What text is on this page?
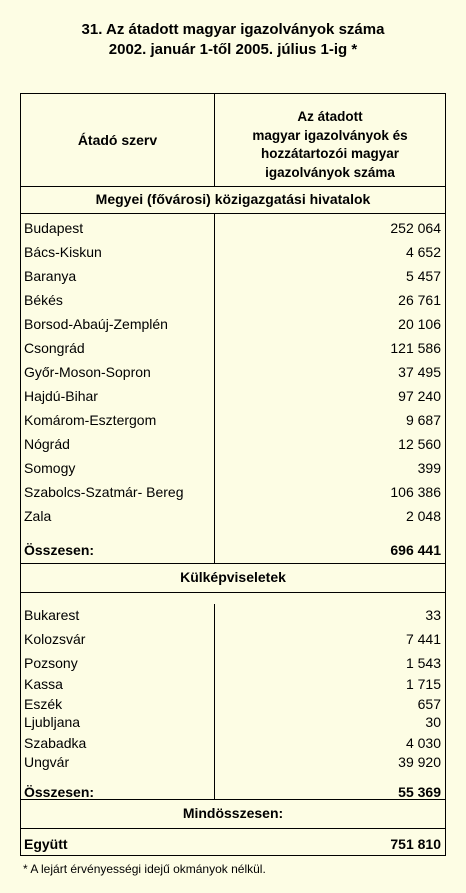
31. Az átadott magyar igazolványok száma
2002. január 1-től 2005. július 1-ig *
Átadó szerv
Az átadott
magyar igazolványok és
hozzátartozói magyar
igazolványok száma
Megyei (fővárosi) közigazgatási hivatalok
Budapest	252 064
Bács-Kiskun	4 652
Baranya	5 457
Békés	26 761
Borsod-Abaúj-Zemplén	20 106
Csongrád	121 586
Győr-Moson-Sopron	37 495
Hajdú-Bihar	97 240
Komárom-Esztergom	9 687
Nógrád	12 560
Somogy	399
Szabolcs-Szatmár- Bereg	106 386
Zala	2 048
Összesen:	696 441
Külképviseletek
Bukarest	33
Kolozsvár	7 441
Pozsony	1 543
Kassa	1 715
Eszék	657
Ljubljana	30
Szabadka	4 030
Ungvár	39 920
Összesen:	55 369
Mindösszesen:
Együtt	751 810
* A lejárt érvényességi idejű okmányok nélkül.
